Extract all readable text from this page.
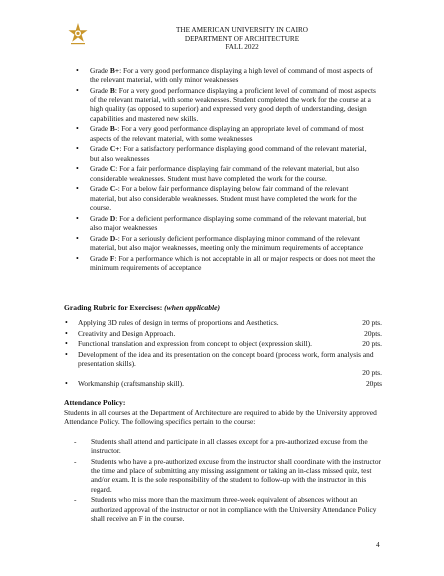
THE AMERICAN UNIVERSITY IN CAIRO
DEPARTMENT OF ARCHITECTURE
FALL 2022
• Grade B+: For a very good performance displaying a high level of command of most aspects of the relevant material, with only minor weaknesses
• Grade B: For a very good performance displaying a proficient level of command of most aspects of the relevant material, with some weaknesses. Student completed the work for the course at a high quality (as opposed to superior) and expressed very good depth of understanding, design capabilities and mastered new skills.
• Grade B-: For a very good performance displaying an appropriate level of command of most aspects of the relevant material, with some weaknesses
• Grade C+: For a satisfactory performance displaying good command of the relevant material, but also weaknesses
• Grade C: For a fair performance displaying fair command of the relevant material, but also considerable weaknesses. Student must have completed the work for the course.
• Grade C-: For a below fair performance displaying below fair command of the relevant material, but also considerable weaknesses. Student must have completed the work for the course.
• Grade D: For a deficient performance displaying some command of the relevant material, but also major weaknesses
• Grade D-: For a seriously deficient performance displaying minor command of the relevant material, but also major weaknesses, meeting only the minimum requirements of acceptance
• Grade F: For a performance which is not acceptable in all or major respects or does not meet the minimum requirements of acceptance
Grading Rubric for Exercises: (when applicable)
• Applying 3D rules of design in terms of proportions and Aesthetics.	20 pts.
• Creativity and Design Approach.	20pts.
• Functional translation and expression from concept to object (expression skill).	20 pts.
• Development of the idea and its presentation on the concept board (process work, form analysis and presentation skills).
20 pts.
• Workmanship (craftsmanship skill).	20pts
Attendance Policy:
Students in all courses at the Department of Architecture are required to abide by the University approved Attendance Policy. The following specifics pertain to the course:
- Students shall attend and participate in all classes except for a pre-authorized excuse from the instructor.
- Students who have a pre-authorized excuse from the instructor shall coordinate with the instructor the time and place of submitting any missing assignment or taking an in-class missed quiz, test and/or exam. It is the sole responsibility of the student to follow-up with the instructor in this regard.
- Students who miss more than the maximum three-week equivalent of absences without an authorized approval of the instructor or not in compliance with the University Attendance Policy shall receive an F in the course.
4
